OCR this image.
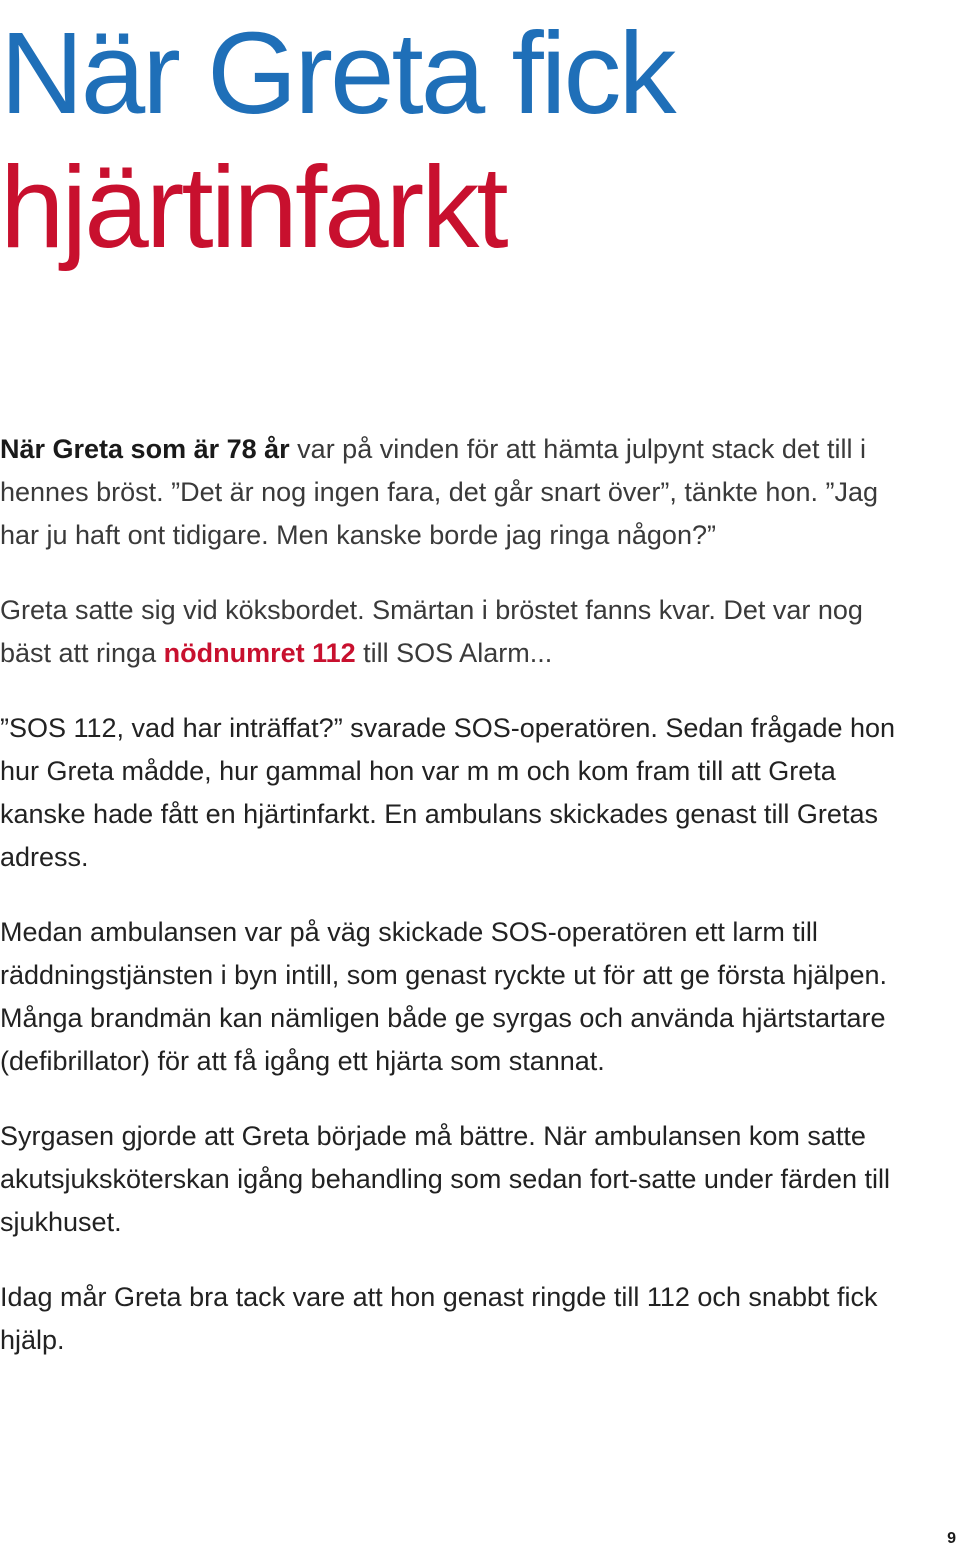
När Greta fick
hjärtinfarkt

När Greta som är 78 år var på vinden för att hämta julpynt stack det till i hennes bröst. ”Det är nog ingen fara, det går snart över”, tänkte hon. ”Jag har ju haft ont tidigare. Men kanske borde jag ringa någon?”

Greta satte sig vid köksbordet. Smärtan i bröstet fanns kvar. Det var nog bäst att ringa nödnumret 112 till SOS Alarm...

”SOS 112, vad har inträffat?” svarade SOS-operatören. Sedan frågade hon hur Greta mådde, hur gammal hon var m m och kom fram till att Greta kanske hade fått en hjärtinfarkt. En ambulans skickades genast till Gretas adress.

Medan ambulansen var på väg skickade SOS-operatören ett larm till räddningstjänsten i byn intill, som genast ryckte ut för att ge första hjälpen. Många brandmän kan nämligen både ge syrgas och använda hjärtstartare (defibrillator) för att få igång ett hjärta som stannat.

Syrgasen gjorde att Greta började må bättre. När ambulansen kom satte akutsjuksköterskan igång behandling som sedan fort-satte under färden till sjukhuset.

Idag mår Greta bra tack vare att hon genast ringde till 112 och snabbt fick hjälp.

9
